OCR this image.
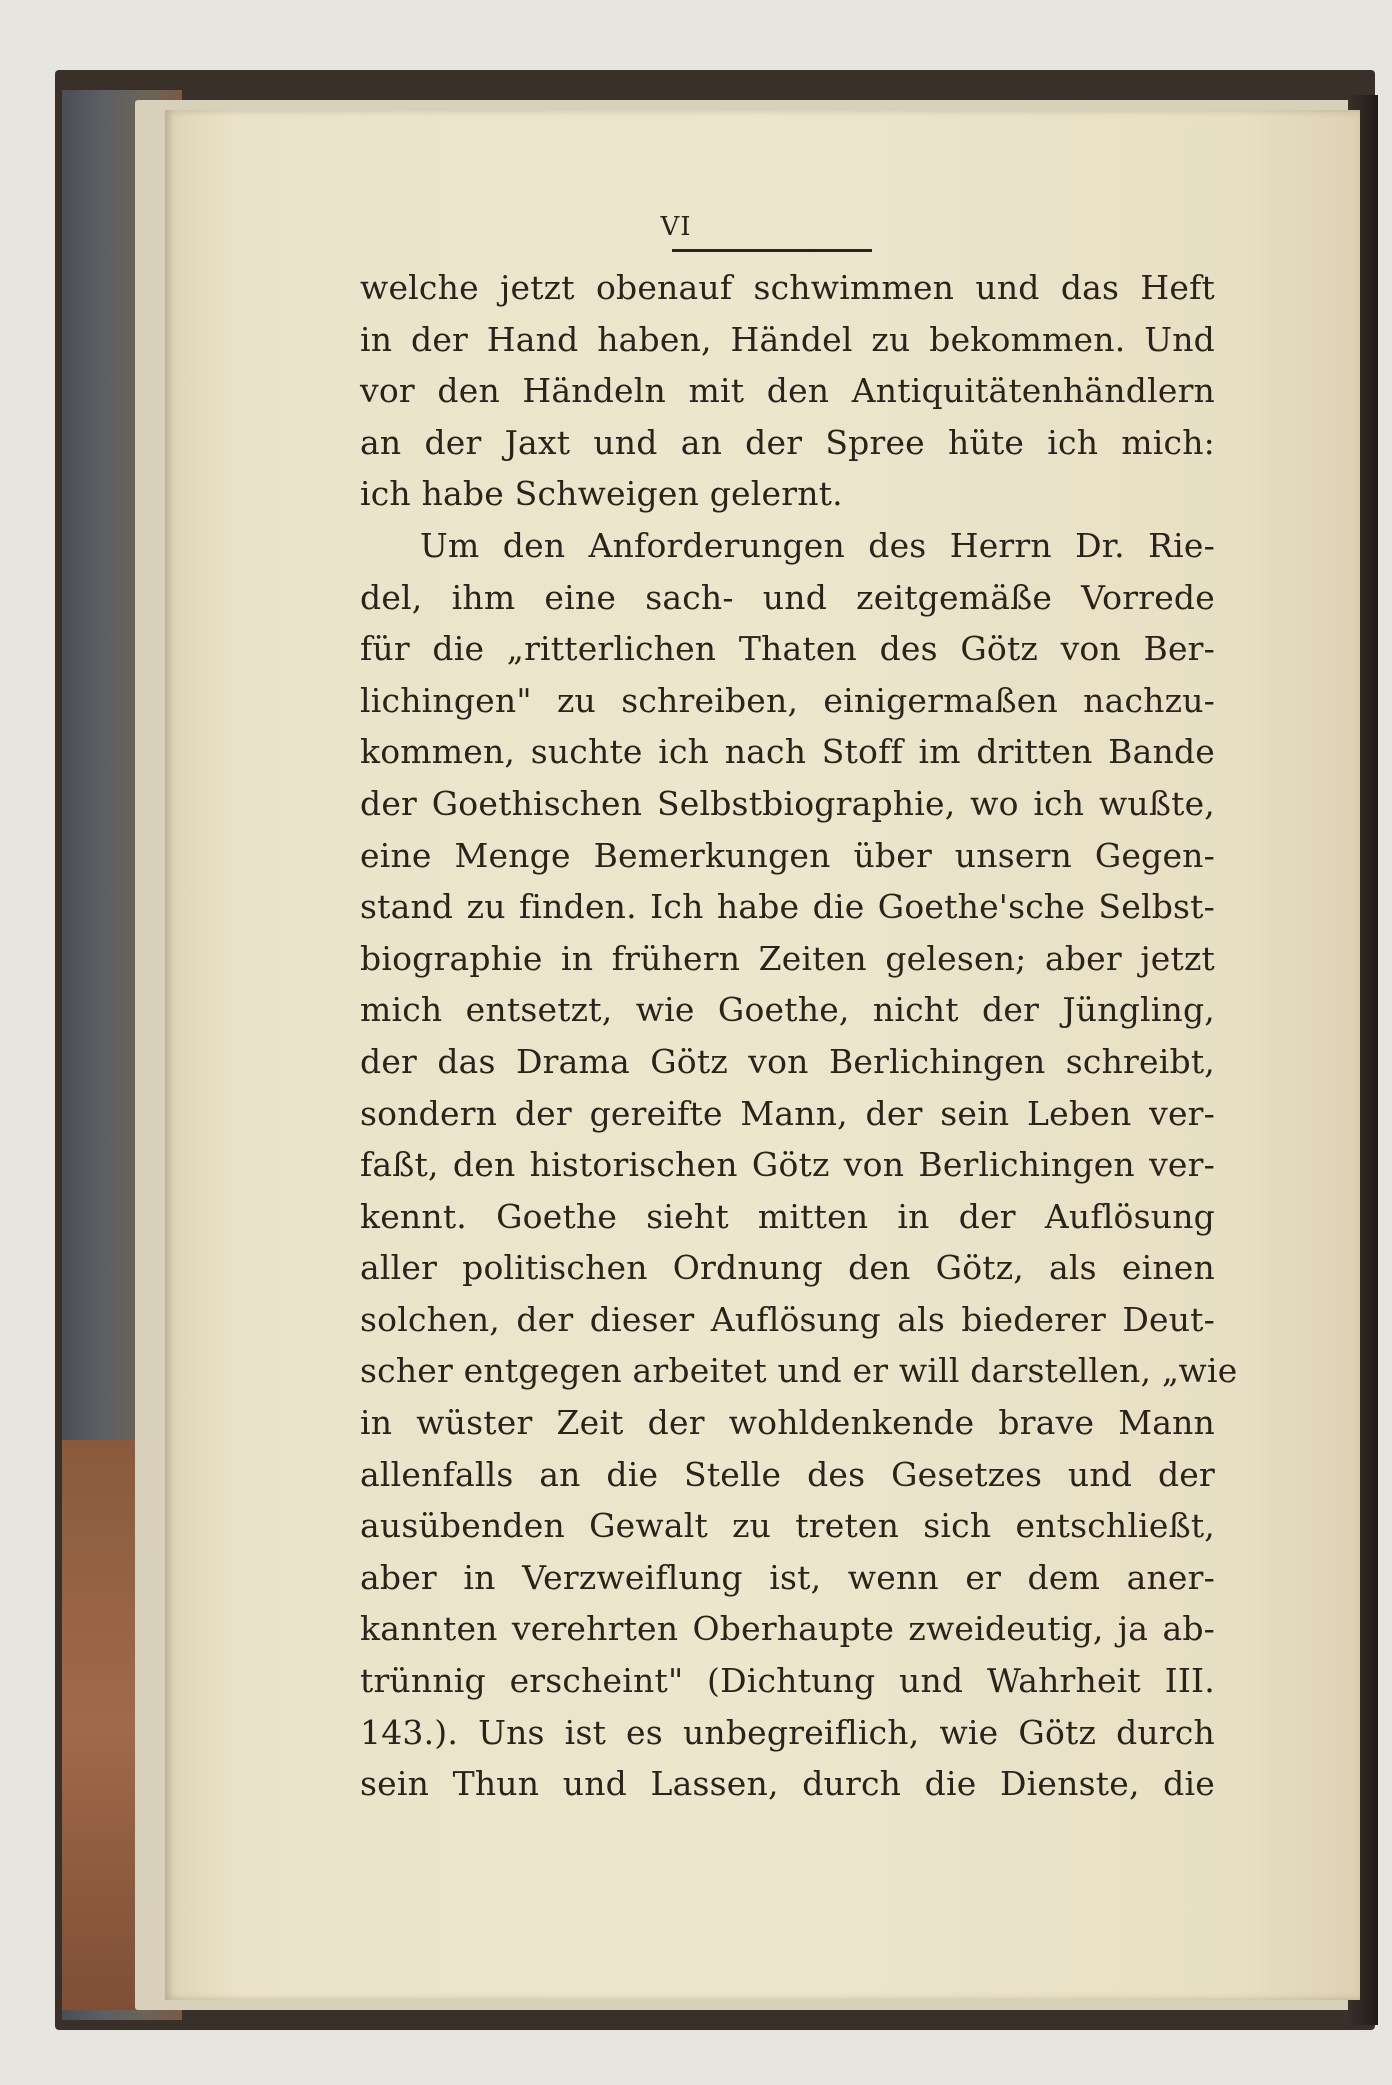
VI
welche jetzt obenauf schwimmen und das Heft
in der Hand haben, Händel zu bekommen. Und
vor den Händeln mit den Antiquitätenhändlern
an der Jaxt und an der Spree hüte ich mich:
ich habe Schweigen gelernt.
Um den Anforderungen des Herrn Dr. Rie-
del, ihm eine sach- und zeitgemäße Vorrede
für die „ritterlichen Thaten des Götz von Ber-
lichingen" zu schreiben, einigermaßen nachzu-
kommen, suchte ich nach Stoff im dritten Bande
der Goethischen Selbstbiographie, wo ich wußte,
eine Menge Bemerkungen über unsern Gegen-
stand zu finden. Ich habe die Goethe'sche Selbst-
biographie in frühern Zeiten gelesen; aber jetzt
mich entsetzt, wie Goethe, nicht der Jüngling,
der das Drama Götz von Berlichingen schreibt,
sondern der gereifte Mann, der sein Leben ver-
faßt, den historischen Götz von Berlichingen ver-
kennt. Goethe sieht mitten in der Auflösung
aller politischen Ordnung den Götz, als einen
solchen, der dieser Auflösung als biederer Deut-
scher entgegen arbeitet und er will darstellen, „wie
in wüster Zeit der wohldenkende brave Mann
allenfalls an die Stelle des Gesetzes und der
ausübenden Gewalt zu treten sich entschließt,
aber in Verzweiflung ist, wenn er dem aner-
kannten verehrten Oberhaupte zweideutig, ja ab-
trünnig erscheint" (Dichtung und Wahrheit III.
143.). Uns ist es unbegreiflich, wie Götz durch
sein Thun und Lassen, durch die Dienste, die
